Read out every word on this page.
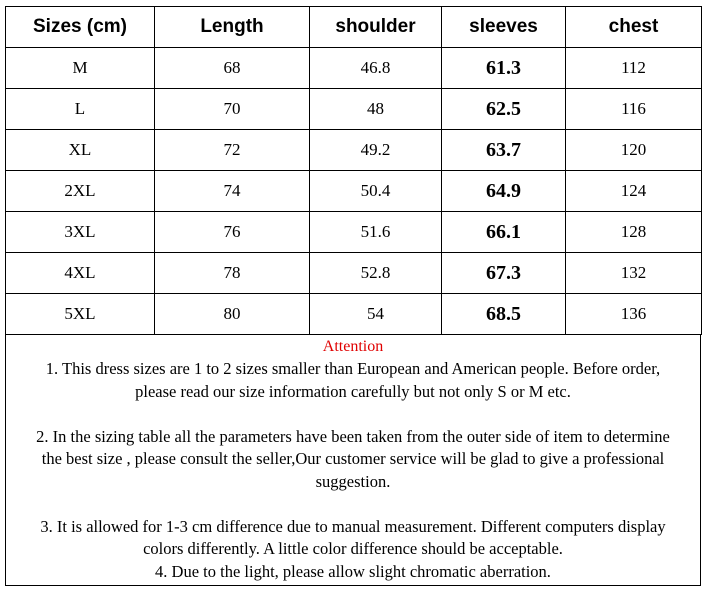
Sizes (cm)	Length	shoulder	sleeves	chest
M	68	46.8	61.3	112
L	70	48	62.5	116
XL	72	49.2	63.7	120
2XL	74	50.4	64.9	124
3XL	76	51.6	66.1	128
4XL	78	52.8	67.3	132
5XL	80	54	68.5	136
Attention

1. This dress sizes are 1 to 2 sizes smaller than European and American people. Before order,

please read our size information carefully but not only S or M etc.

2. In the sizing table all the parameters have been taken from the outer side of item to determine

the best size , please consult the seller,Our customer service will be glad to give a professional

suggestion.

3. It is allowed for 1-3 cm difference due to manual measurement. Different computers display

colors differently. A little color difference should be acceptable.

4. Due to the light, please allow slight chromatic aberration.
